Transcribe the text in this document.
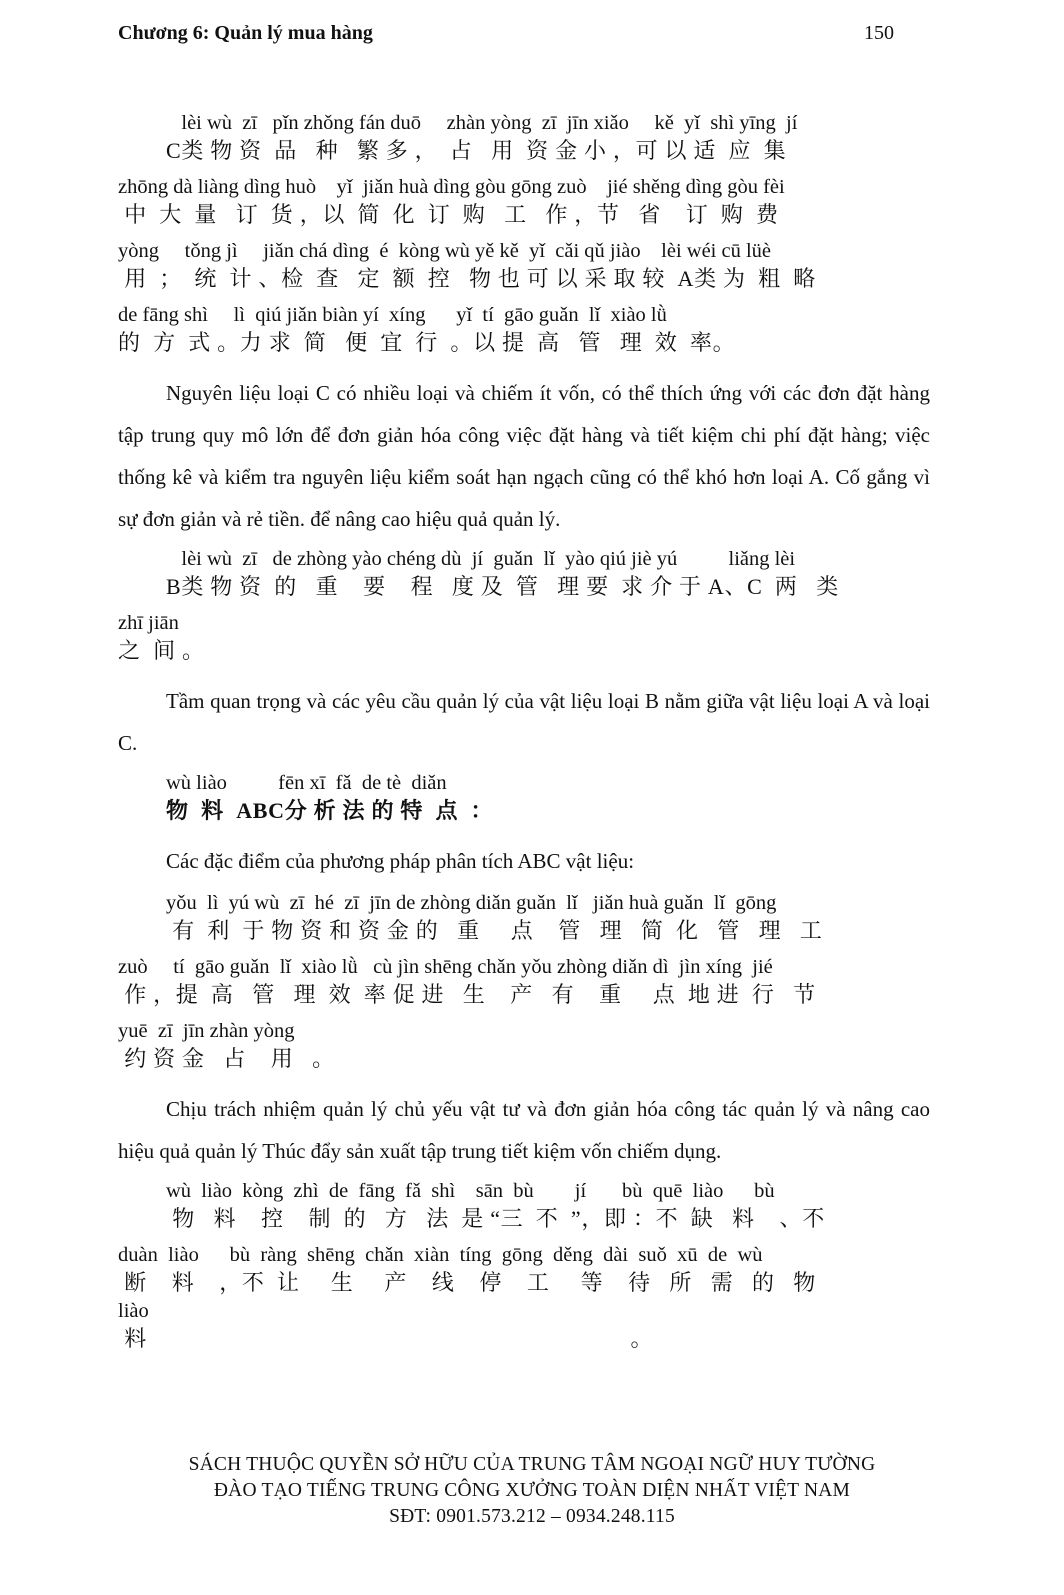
Chương 6: Quản lý mua hàng	150
lèi wù  zī   pǐn zhǒng fán duō     zhàn yòng  zī  jīn xiǎo     kě  yǐ  shì yīng  jí
C类 物 资  品   种   繁 多 ，  占   用  资 金 小 ，可 以 适  应  集
zhōng dà liàng dìng huò    yǐ  jiǎn huà dìng gòu gōng zuò    jié shěng dìng gòu fèi
中  大  量   订  货 ，以  简  化  订  购   工   作 ，节   省    订  购  费
yòng     tǒng jì     jiǎn chá dìng  é  kòng wù yě kě  yǐ  cǎi qǔ jiào    lèi wéi cū lüè
用  ；  统  计 、检  查   定  额  控   物 也 可 以 采 取 较  A类 为  粗  略
de fāng shì     lì  qiú jiǎn biàn yí  xíng      yǐ  tí  gāo guǎn  lǐ  xiào lǜ
的  方  式 。力 求  简   便  宜  行  。以 提  高   管   理  效  率。

Nguyên liệu loại C có nhiều loại và chiếm ít vốn, có thể thích ứng với các đơn đặt hàng tập trung quy mô lớn để đơn giản hóa công việc đặt hàng và tiết kiệm chi phí đặt hàng; việc thống kê và kiểm tra nguyên liệu kiểm soát hạn ngạch cũng có thể khó hơn loại A. Cố gắng vì sự đơn giản và rẻ tiền. để nâng cao hiệu quả quản lý.

lèi wù  zī   de zhòng yào chéng dù  jí  guǎn  lǐ  yào qiú jiè yú          liǎng lèi
B类 物 资  的   重    要    程   度 及  管   理 要  求 介 于 A、C  两   类
zhī jiān
之  间 。

Tầm quan trọng và các yêu cầu quản lý của vật liệu loại B nằm giữa vật liệu loại A và loại C.

wù liào          fēn xī  fǎ  de tè  diǎn
物  料  ABC分 析 法 的 特  点  ：
Các đặc điểm của phương pháp phân tích ABC vật liệu:
yǒu  lì  yú wù  zī  hé  zī  jīn de zhòng diǎn guǎn  lǐ   jiǎn huà guǎn  lǐ  gōng
有  利  于 物 资 和 资 金 的   重     点    管   理   简  化   管   理   工
zuò     tí  gāo guǎn  lǐ  xiào lǜ   cù jìn shēng chǎn yǒu zhòng diǎn dì  jìn xíng  jié
作 ，提  高   管   理  效  率 促 进   生    产   有    重     点  地 进  行   节
yuē  zī  jīn zhàn yòng
约 资 金   占    用   。

Chịu trách nhiệm quản lý chủ yếu vật tư và đơn giản hóa công tác quản lý và nâng cao hiệu quả quản lý Thúc đẩy sản xuất tập trung tiết kiệm vốn chiếm dụng.

wù  liào  kòng  zhì  de  fāng  fǎ  shì    sān  bù        jí       bù  quē  liào      bù
物   料    控    制  的   方   法  是 “三  不  ”，即 ：不  缺   料    、不
duàn  liào      bù  ràng  shēng  chǎn  xiàn  tíng  gōng  děng  dài  suǒ  xū  de  wù
断    料    ，不  让     生     产    线    停    工     等    待   所   需   的   物
liào
料                                                                              。
SÁCH THUỘC QUYỀN SỞ HỮU CỦA TRUNG TÂM NGOẠI NGỮ HUY TƯỜNG
ĐÀO TẠO TIẾNG TRUNG CÔNG XƯỞNG TOÀN DIỆN NHẤT VIỆT NAM
SĐT: 0901.573.212 – 0934.248.115
